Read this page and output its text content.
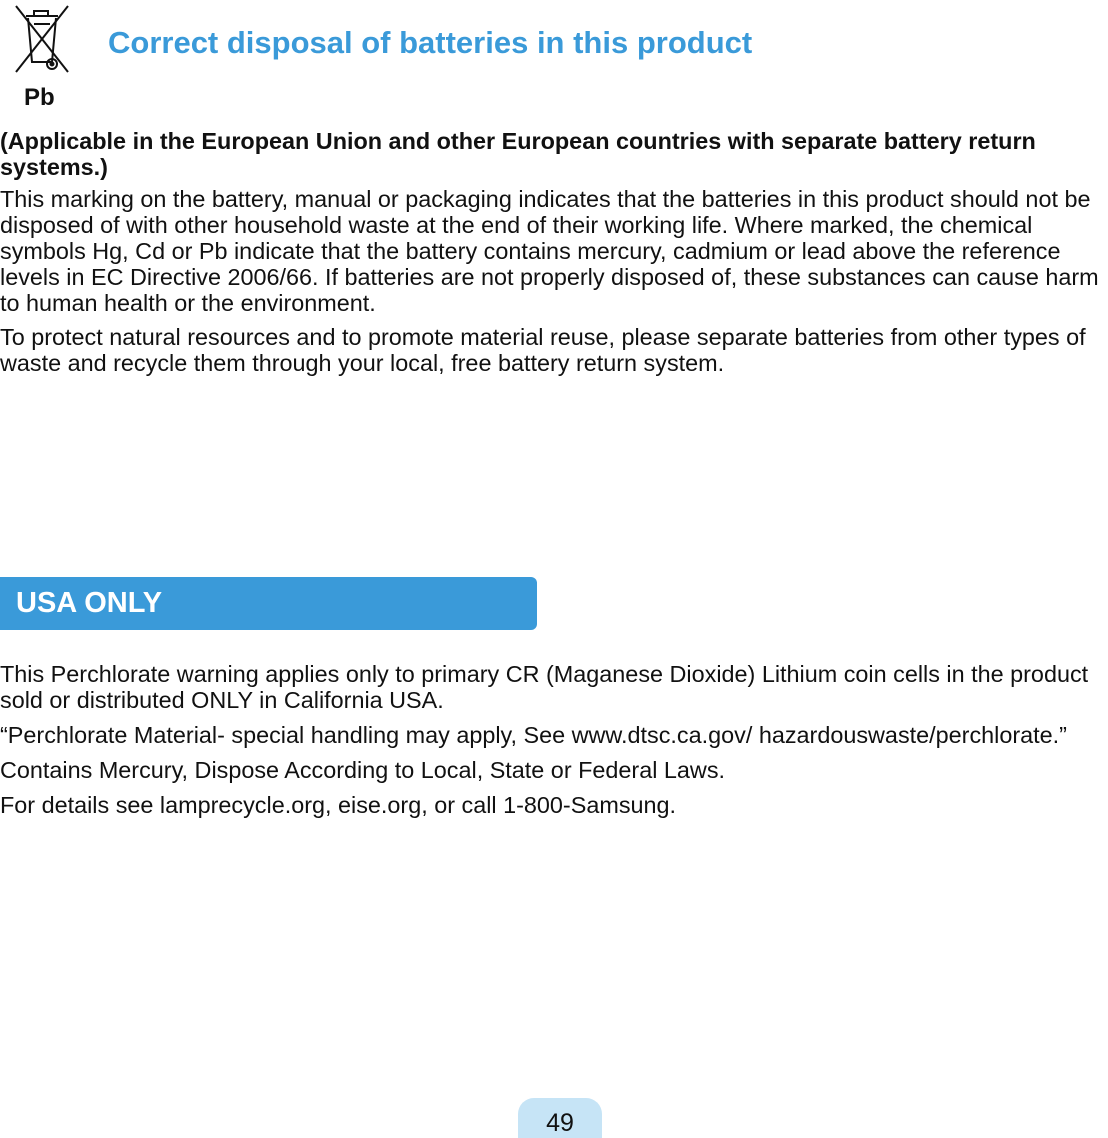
Pb
Correct disposal of batteries in this product

(Applicable in the European Union and other European countries with separate battery return systems.)

This marking on the battery, manual or packaging indicates that the batteries in this product should not be disposed of with other household waste at the end of their working life. Where marked, the chemical symbols Hg, Cd or Pb indicate that the battery contains mercury, cadmium or lead above the reference levels in EC Directive 2006/66. If batteries are not properly disposed of, these substances can cause harm to human health or the environment.

To protect natural resources and to promote material reuse, please separate batteries from other types of waste and recycle them through your local, free battery return system.

USA ONLY

This Perchlorate warning applies only to primary CR (Maganese Dioxide) Lithium coin cells in the product sold or distributed ONLY in California USA.

“Perchlorate Material- special handling may apply, See www.dtsc.ca.gov/ hazardouswaste/perchlorate.”

Contains Mercury, Dispose According to Local, State or Federal Laws.

For details see lamprecycle.org, eise.org, or call 1-800-Samsung.

49
